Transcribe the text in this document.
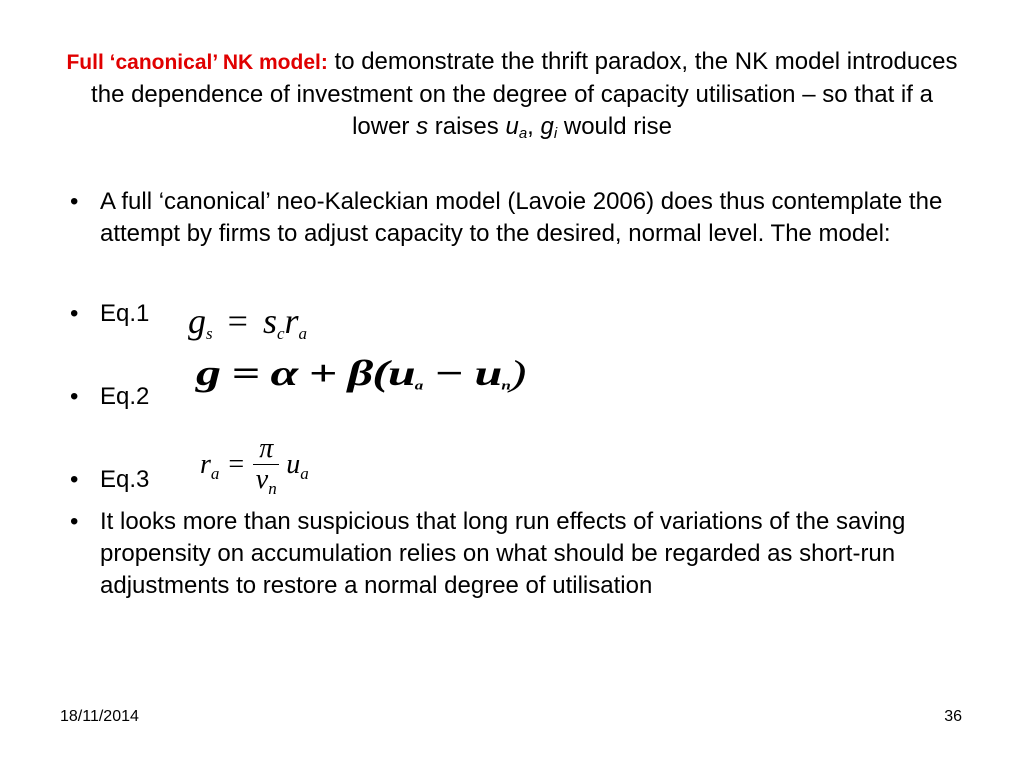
Full ‘canonical’ NK model: to demonstrate the thrift paradox, the NK model introduces the dependence of investment on the degree of capacity utilisation – so that if a lower s raises $u_a$, $g_i$ would rise
• A full ‘canonical’ neo-Kaleckian model (Lavoie 2006) does thus contemplate the attempt by firms to adjust capacity to the desired, normal level. The model:
• Eq.1 $g_s = s_cr_a$
• Eq.2
$g = \alpha + \beta(u_a - u_n)$
• Eq.3 $r_a = \frac{\pi}{v_n} u_a$
• It looks more than suspicious that long run effects of variations of the saving propensity on accumulation relies on what should be regarded as short-run adjustments to restore a normal degree of utilisation
18/11/2014	36
